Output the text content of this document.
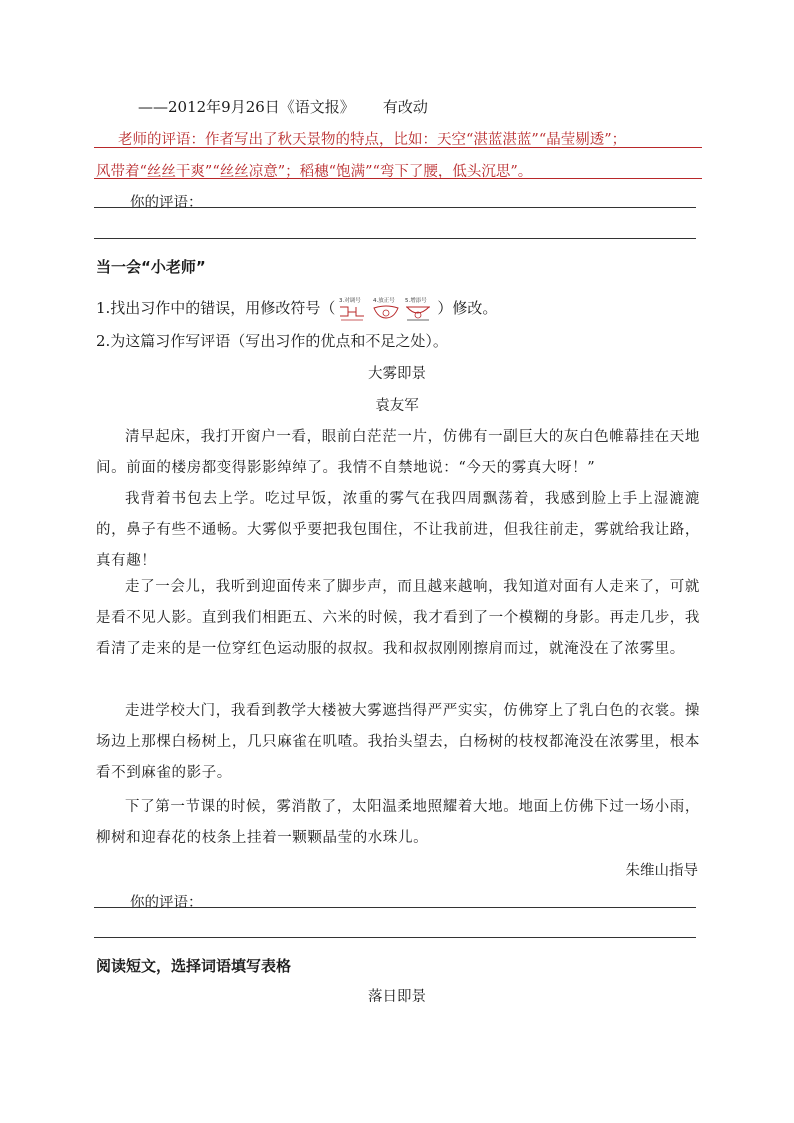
——2012年9月26日《语文报》 有改动
老师的评语：作者写出了秋天景物的特点，比如：天空“湛蓝湛蓝”“晶莹剔透”；
风带着“丝丝干爽”“丝丝凉意”；稻穗“饱满”“弯下了腰，低头沉思”。
你的评语：
当一会“小老师”
1.找出习作中的错误，用修改符号（ 3.对调号 4.放正号 5.增添号 ）修改。
2.为这篇习作写评语（写出习作的优点和不足之处）。
大雾即景
袁友军

清早起床，我打开窗户一看，眼前白茫茫一片，仿佛有一副巨大的灰白色帷幕挂在天地间。前面的楼房都变得影影绰绰了。我情不自禁地说：“今天的雾真大呀！”

我背着书包去上学。吃过早饭，浓重的雾气在我四周飘荡着，我感到脸上手上湿漉漉的，鼻子有些不通畅。大雾似乎要把我包围住，不让我前进，但我往前走，雾就给我让路，真有趣！

走了一会儿，我听到迎面传来了脚步声，而且越来越响，我知道对面有人走来了，可就是看不见人影。直到我们相距五、六米的时候，我才看到了一个模糊的身影。再走几步，我看清了走来的是一位穿红色运动服的叔叔。我和叔叔刚刚擦肩而过，就淹没在了浓雾里。

走进学校大门，我看到教学大楼被大雾遮挡得严严实实，仿佛穿上了乳白色的衣裳。操场边上那棵白杨树上，几只麻雀在叽喳。我抬头望去，白杨树的枝杈都淹没在浓雾里，根本看不到麻雀的影子。

下了第一节课的时候，雾消散了，太阳温柔地照耀着大地。地面上仿佛下过一场小雨，柳树和迎春花的枝条上挂着一颗颗晶莹的水珠儿。

朱维山指导
你的评语：
阅读短文，选择词语填写表格
落日即景
